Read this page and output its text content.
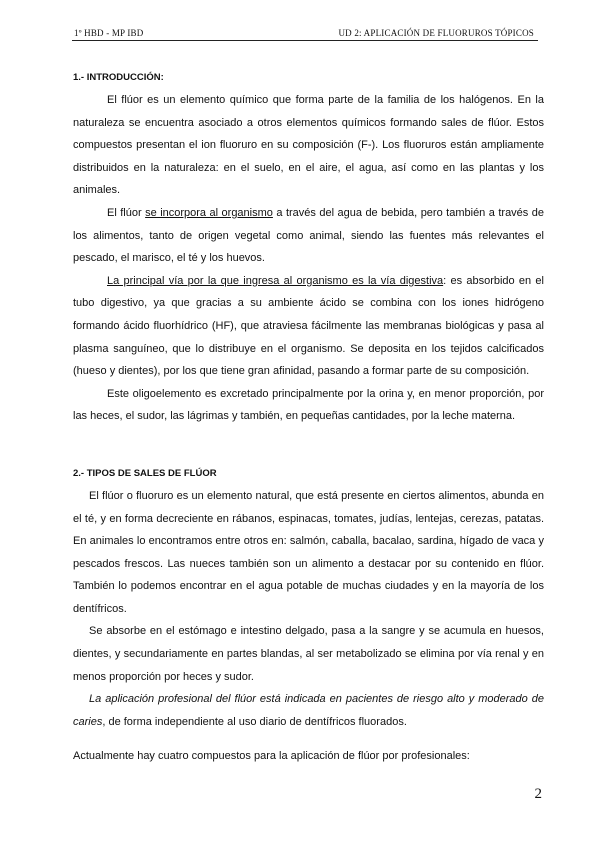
1º HBD - MP IBD	UD 2: APLICACIÓN DE FLUORUROS TÓPICOS
1.- INTRODUCCIÓN:

El flúor es un elemento químico que forma parte de la familia de los halógenos. En la naturaleza se encuentra asociado a otros elementos químicos formando sales de flúor. Estos compuestos presentan el ion fluoruro en su composición (F-). Los fluoruros están ampliamente distribuidos en la naturaleza: en el suelo, en el aire, el agua, así como en las plantas y los animales.

El flúor se incorpora al organismo a través del agua de bebida, pero también a través de los alimentos, tanto de origen vegetal como animal, siendo las fuentes más relevantes el pescado, el marisco, el té y los huevos.

La principal vía por la que ingresa al organismo es la vía digestiva: es absorbido en el tubo digestivo, ya que gracias a su ambiente ácido se combina con los iones hidrógeno formando ácido fluorhídrico (HF), que atraviesa fácilmente las membranas biológicas y pasa al plasma sanguíneo, que lo distribuye en el organismo. Se deposita en los tejidos calcificados (hueso y dientes), por los que tiene gran afinidad, pasando a formar parte de su composición.

Este oligoelemento es excretado principalmente por la orina y, en menor proporción, por las heces, el sudor, las lágrimas y también, en pequeñas cantidades, por la leche materna.

2.- TIPOS DE SALES DE FLÚOR

El flúor o fluoruro es un elemento natural, que está presente en ciertos alimentos, abunda en el té, y en forma decreciente en rábanos, espinacas, tomates, judías, lentejas, cerezas, patatas. En animales lo encontramos entre otros en: salmón, caballa, bacalao, sardina, hígado de vaca y pescados frescos. Las nueces también son un alimento a destacar por su contenido en flúor. También lo podemos encontrar en el agua potable de muchas ciudades y en la mayoría de los dentífricos.

Se absorbe en el estómago e intestino delgado, pasa a la sangre y se acumula en huesos, dientes, y secundariamente en partes blandas, al ser metabolizado se elimina por vía renal y en menos proporción por heces y sudor.

La aplicación profesional del flúor está indicada en pacientes de riesgo alto y moderado de caries, de forma independiente al uso diario de dentífricos fluorados.

Actualmente hay cuatro compuestos para la aplicación de flúor por profesionales:

2
